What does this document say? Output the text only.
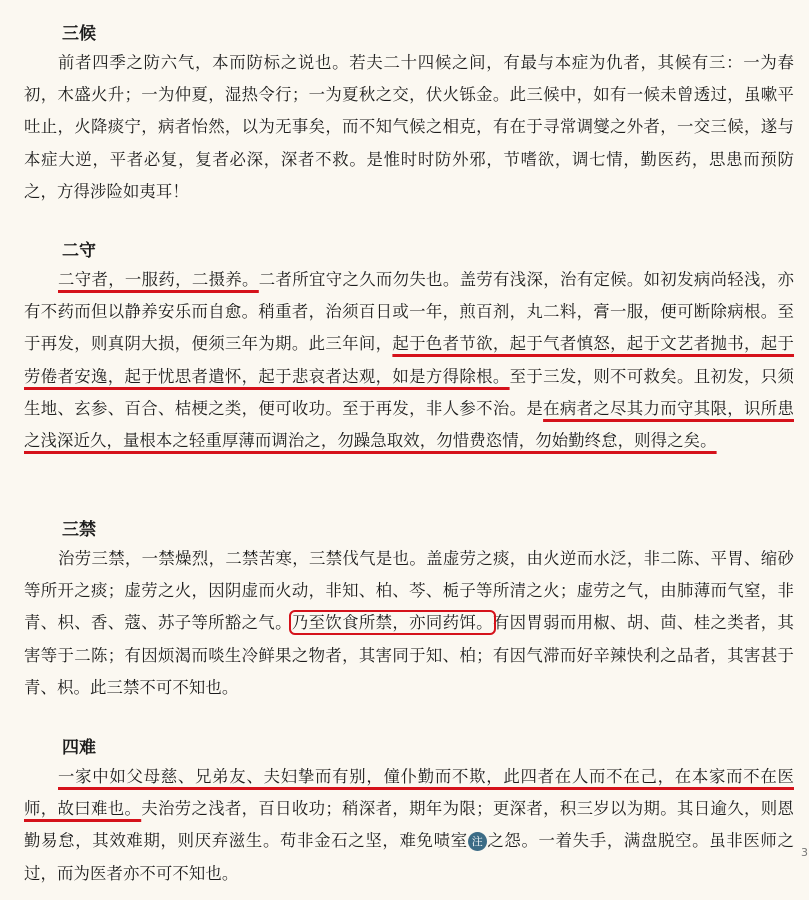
三候

前者四季之防六气，本而防标之说也。若夫二十四候之间，有最与本症为仇者，其候有三：一为春初，木盛火升；一为仲夏，湿热令行；一为夏秋之交，伏火铄金。此三候中，如有一候未曾透过，虽嗽平吐止，火降痰宁，病者怡然，以为无事矣，而不知气候之相克，有在于寻常调燮之外者，一交三候，遂与本症大逆，平者必复，复者必深，深者不救。是惟时时防外邪，节嗜欲，调七情，勤医药，思患而预防之，方得涉险如夷耳！

二守

二守者，一服药，二摄养。二者所宜守之久而勿失也。盖劳有浅深，治有定候。如初发病尚轻浅，亦有不药而但以静养安乐而自愈。稍重者，治须百日或一年，煎百剂，丸二料，膏一服，便可断除病根。至于再发，则真阴大损，便须三年为期。此三年间，起于色者节欲，起于气者慎怒，起于文艺者抛书，起于劳倦者安逸，起于忧思者遣怀，起于悲哀者达观，如是方得除根。至于三发，则不可救矣。且初发，只须生地、玄参、百合、桔梗之类，便可收功。至于再发，非人参不治。是在病者之尽其力而守其限，识所患之浅深近久，量根本之轻重厚薄而调治之，勿躁急取效，勿惜费恣情，勿始勤终怠，则得之矣。

三禁

治劳三禁，一禁燥烈，二禁苦寒，三禁伐气是也。盖虚劳之痰，由火逆而水泛，非二陈、平胃、缩砂等所开之痰；虚劳之火，因阴虚而火动，非知、柏、芩、栀子等所清之火；虚劳之气，由肺薄而气窒，非青、枳、香、蔻、苏子等所豁之气。乃至饮食所禁，亦同药饵。有因胃弱而用椒、胡、茴、桂之类者，其害等于二陈；有因烦渴而啖生冷鲜果之物者，其害同于知、柏；有因气滞而好辛辣快利之品者，其害甚于青、枳。此三禁不可不知也。

四难

一家中如父母慈、兄弟友、夫妇挚而有别，僮仆勤而不欺，此四者在人而不在己，在本家而不在医师，故曰难也。夫治劳之浅者，百日收功；稍深者，期年为限；更深者，积三岁以为期。其日逾久，则恩勤易怠，其效难期，则厌弃滋生。苟非金石之坚，难免啧室 注 之怨。一着失手，满盘脱空。虽非医师之过，而为医者亦不可不知也。

3
